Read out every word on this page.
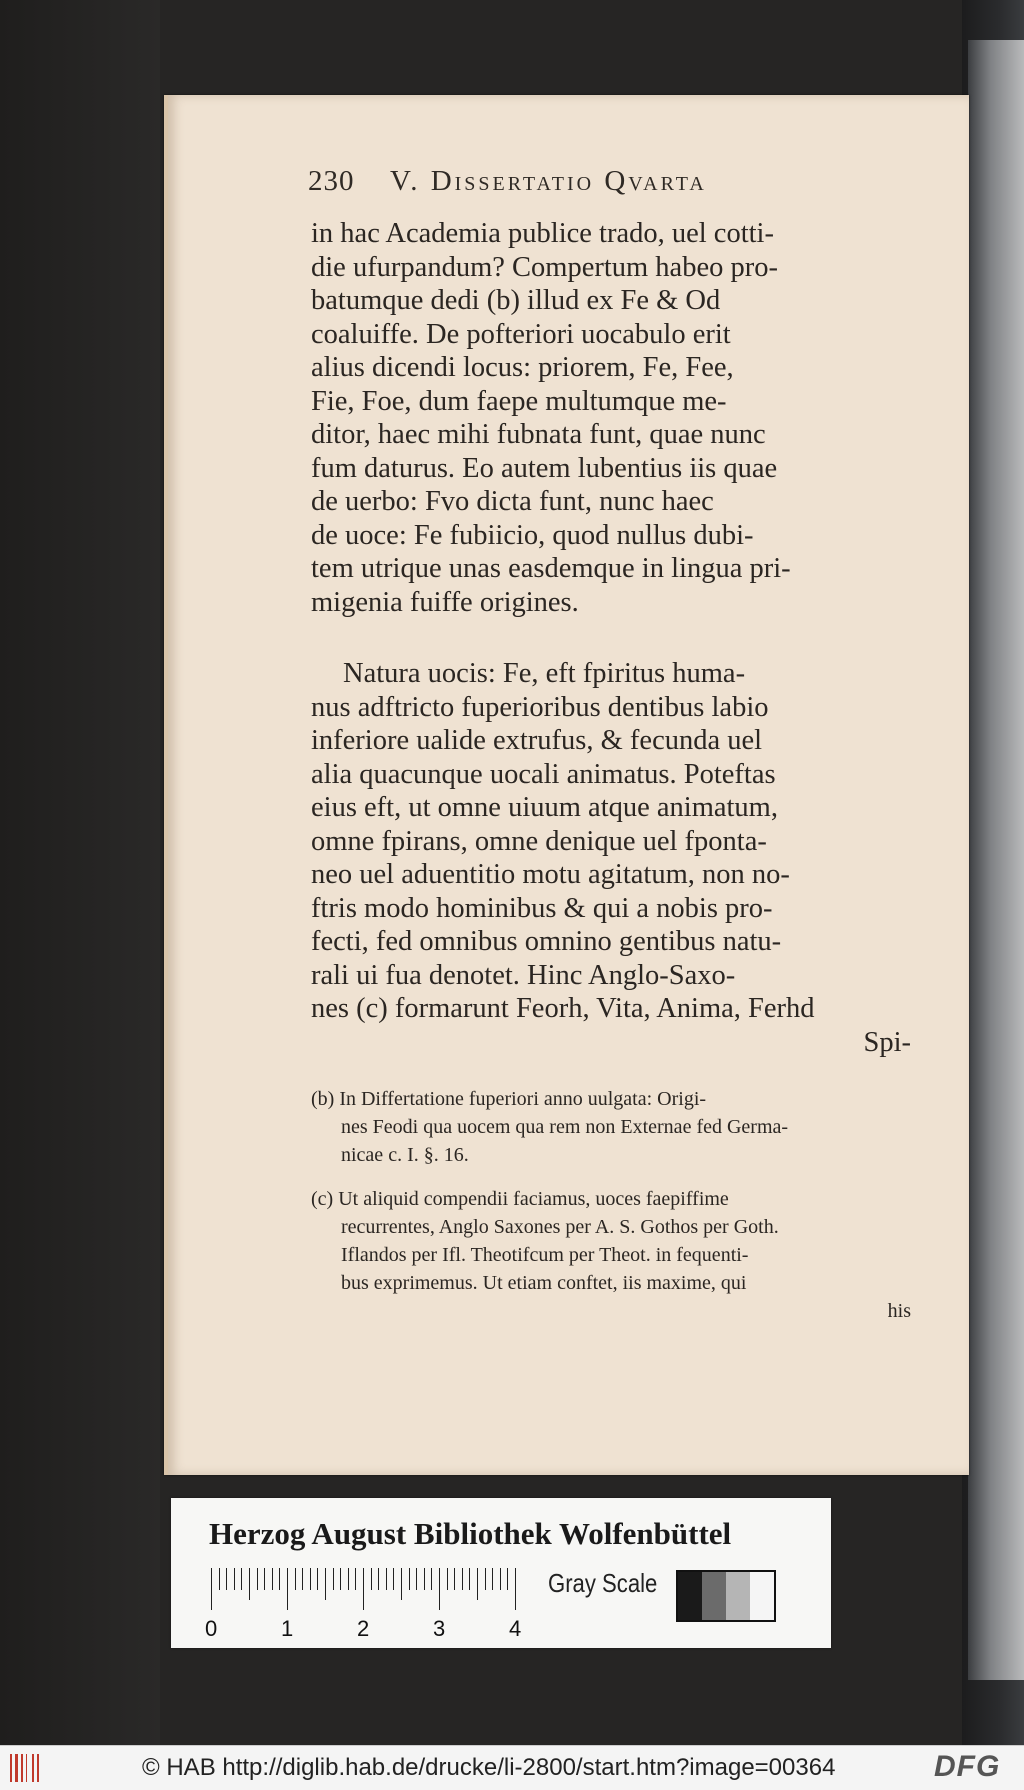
230 V. Dissertatio Qvarta
in hac Academia publice trado, uel cotti-
die ufurpandum? Compertum habeo pro-
batumque dedi (b) illud ex Fe & Od
coaluiffe. De pofteriori uocabulo erit
alius dicendi locus: priorem, Fe, Fee,
Fie, Foe, dum faepe multumque me-
ditor, haec mihi fubnata funt, quae nunc
fum daturus. Eo autem lubentius iis quae
de uerbo: Fvo dicta funt, nunc haec
de uoce: Fe fubiicio, quod nullus dubi-
tem utrique unas easdemque in lingua pri-
migenia fuiffe origines.
Natura uocis: Fe, eft fpiritus huma-
nus adftricto fuperioribus dentibus labio
inferiore ualide extrufus, & fecunda uel
alia quacunque uocali animatus. Poteftas
eius eft, ut omne uiuum atque animatum,
omne fpirans, omne denique uel fponta-
neo uel aduentitio motu agitatum, non no-
ftris modo hominibus & qui a nobis pro-
fecti, fed omnibus omnino gentibus natu-
rali ui fua denotet. Hinc Anglo-Saxo-
nes (c) formarunt Feorh, Vita, Anima, Ferhd
Spi-
(b) In Differtatione fuperiori anno uulgata: Origi-
nes Feodi qua uocem qua rem non Externae fed Germa-
nicae c. I. §. 16.
(c) Ut aliquid compendii faciamus, uoces faepiffime
recurrentes, Anglo Saxones per A. S. Gothos per Goth.
Iflandos per Ifl. Theotifcum per Theot. in fequenti-
bus exprimemus. Ut etiam conftet, iis maxime, qui
his
Herzog August Bibliothek Wolfenbüttel
0	1	2	3	4
Gray Scale
© HAB http://diglib.hab.de/drucke/li-2800/start.htm?image=00364	DFG
